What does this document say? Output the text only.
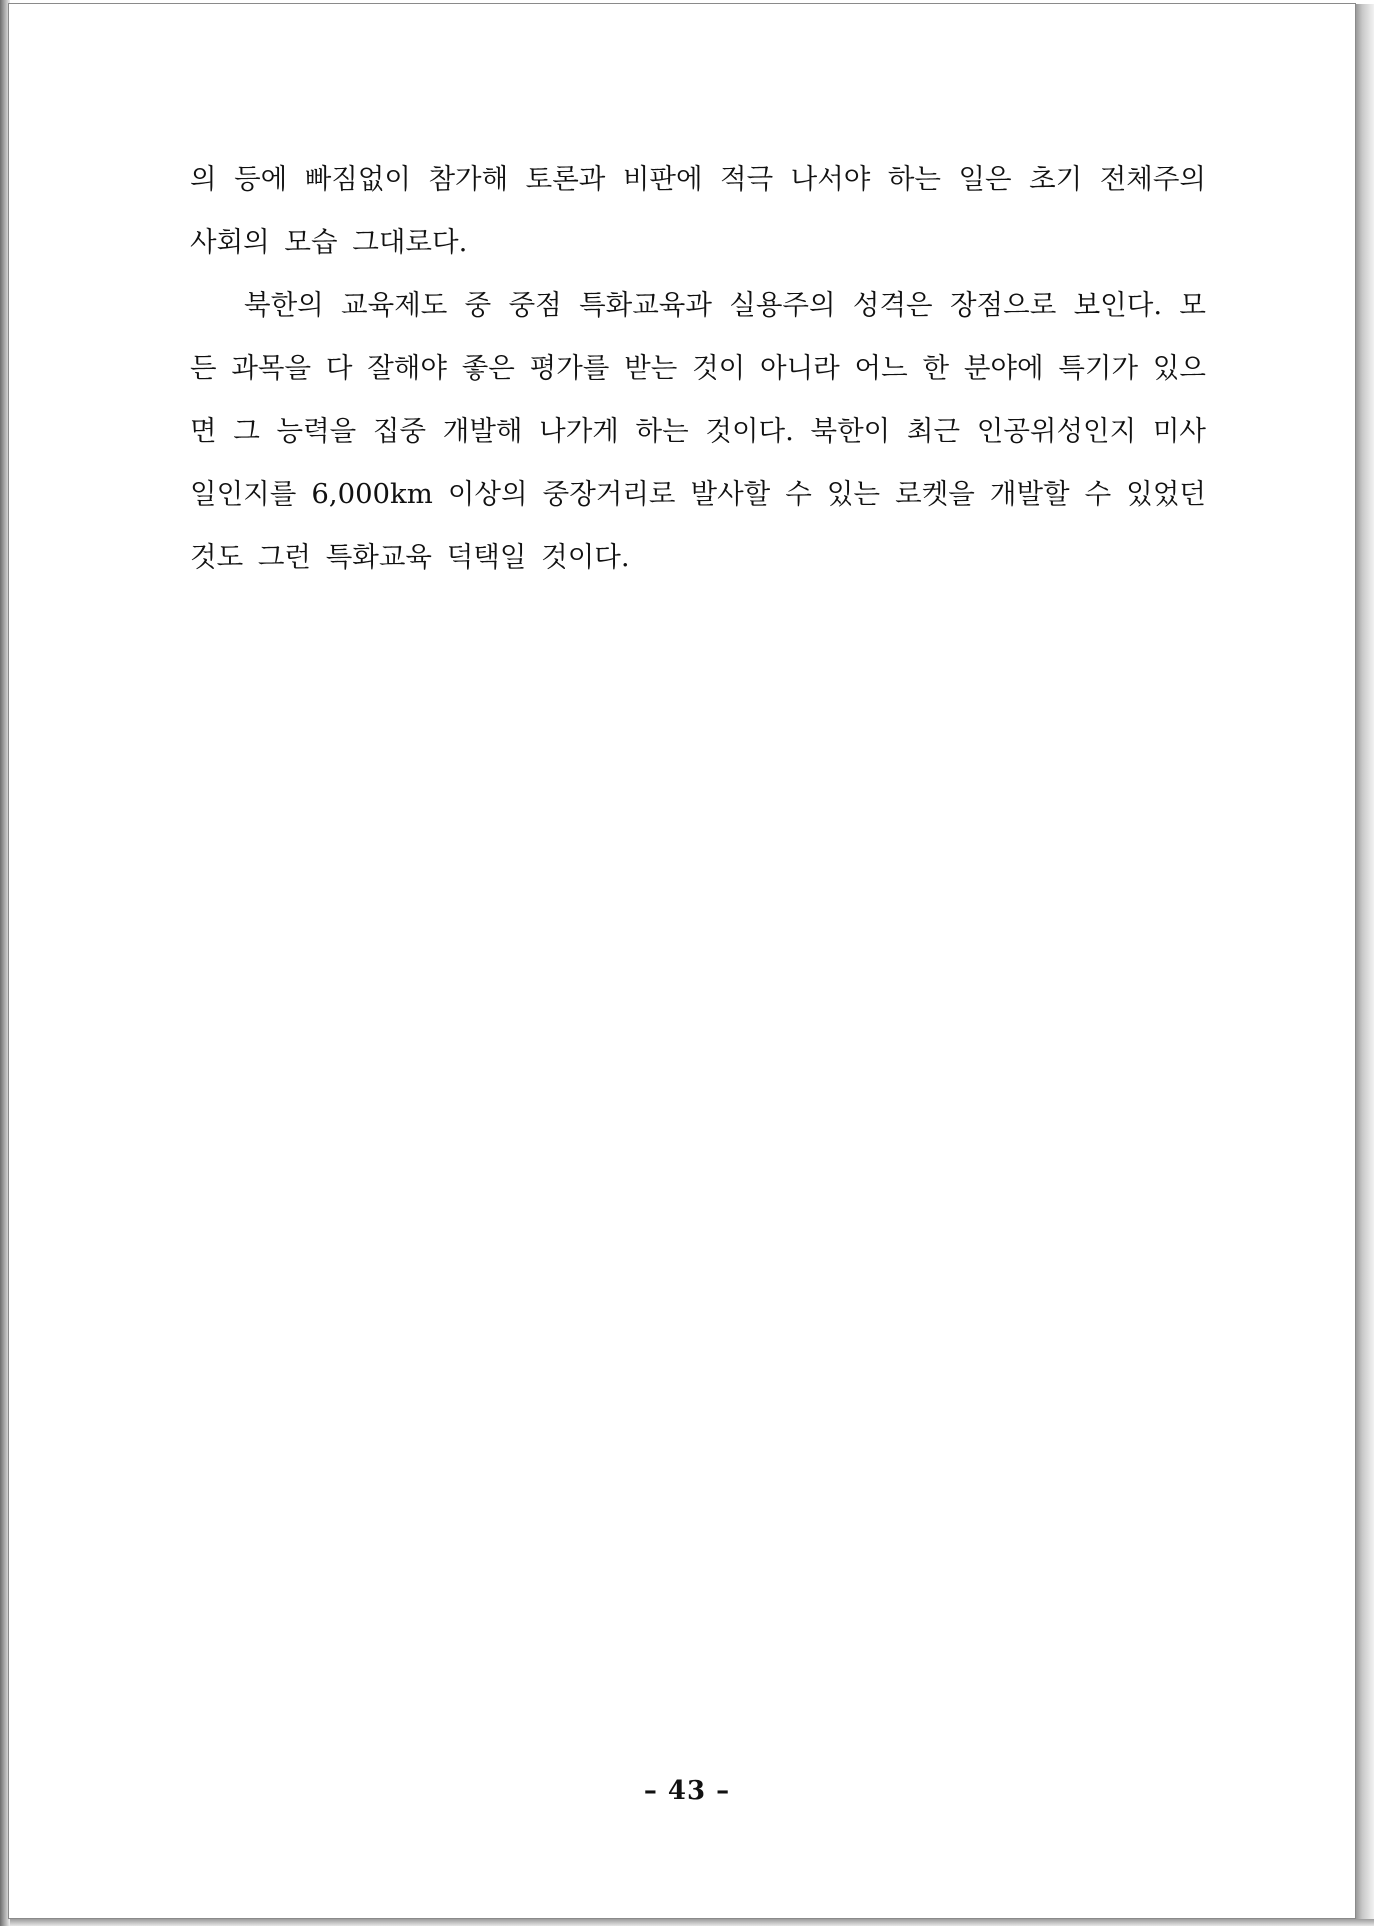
의 등에 빠짐없이 참가해 토론과 비판에 적극 나서야 하는 일은 초기 전체주의 사회의 모습 그대로다.

북한의 교육제도 중 중점 특화교육과 실용주의 성격은 장점으로 보인다. 모든 과목을 다 잘해야 좋은 평가를 받는 것이 아니라 어느 한 분야에 특기가 있으면 그 능력을 집중 개발해 나가게 하는 것이다. 북한이 최근 인공위성인지 미사일인지를 6,000km 이상의 중장거리로 발사할 수 있는 로켓을 개발할 수 있었던 것도 그런 특화교육 덕택일 것이다.

– 43 –
